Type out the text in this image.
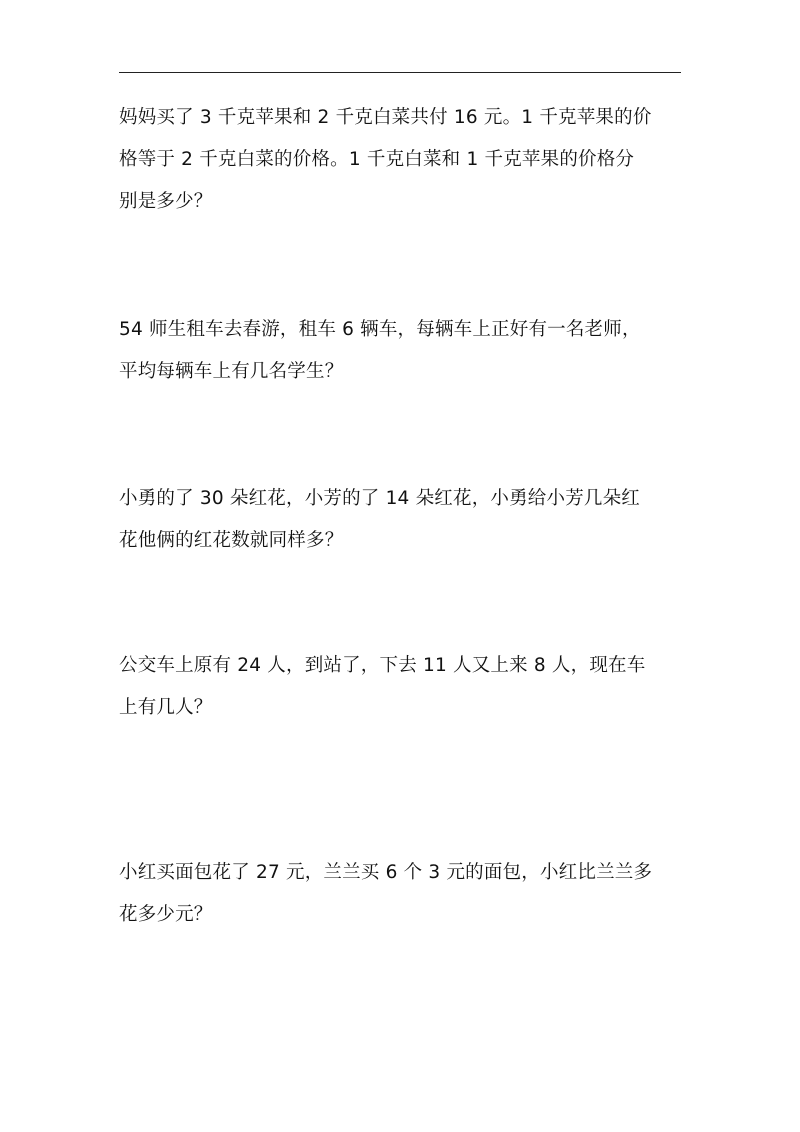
妈妈买了 3 千克苹果和 2 千克白菜共付 16 元。1 千克苹果的价
格等于 2 千克白菜的价格。1 千克白菜和 1 千克苹果的价格分
别是多少？
54 师生租车去春游，租车 6 辆车，每辆车上正好有一名老师，
平均每辆车上有几名学生？
小勇的了 30 朵红花，小芳的了 14 朵红花，小勇给小芳几朵红
花他俩的红花数就同样多？
公交车上原有 24 人，到站了，下去 11 人又上来 8 人，现在车
上有几人？
小红买面包花了 27 元，兰兰买 6 个 3 元的面包，小红比兰兰多
花多少元？
